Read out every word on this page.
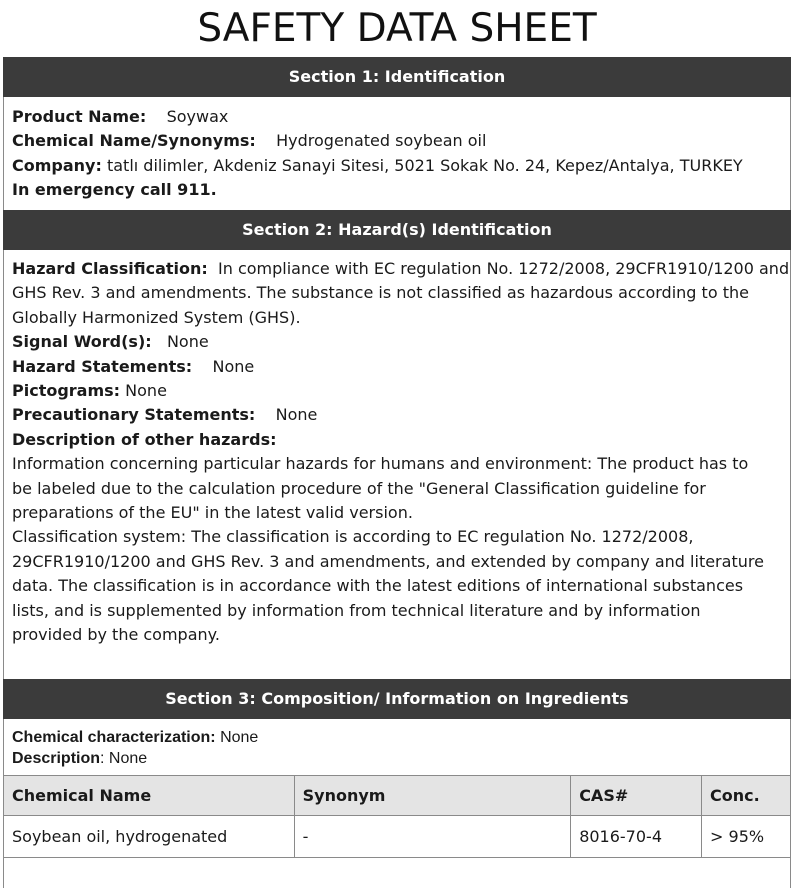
SAFETY DATA SHEET
Section 1: Identification
Product Name: Soywax
Chemical Name/Synonyms: Hydrogenated soybean oil
Company: tatlı dilimler, Akdeniz Sanayi Sitesi, 5021 Sokak No. 24, Kepez/Antalya, TURKEY
In emergency call 911.
Section 2: Hazard(s) Identification
Hazard Classification: In compliance with EC regulation No. 1272/2008, 29CFR1910/1200 and
GHS Rev. 3 and amendments. The substance is not classified as hazardous according to the
Globally Harmonized System (GHS).
Signal Word(s): None
Hazard Statements: None
Pictograms: None
Precautionary Statements: None
Description of other hazards:
Information concerning particular hazards for humans and environment: The product has to
be labeled due to the calculation procedure of the "General Classification guideline for
preparations of the EU" in the latest valid version.
Classification system: The classification is according to EC regulation No. 1272/2008,
29CFR1910/1200 and GHS Rev. 3 and amendments, and extended by company and literature
data. The classification is in accordance with the latest editions of international substances
lists, and is supplemented by information from technical literature and by information
provided by the company.
Section 3: Composition/ Information on Ingredients
Chemical characterization: None
Description: None
Chemical Name	Synonym	CAS#	Conc.
Soybean oil, hydrogenated	-	8016-70-4	> 95%
